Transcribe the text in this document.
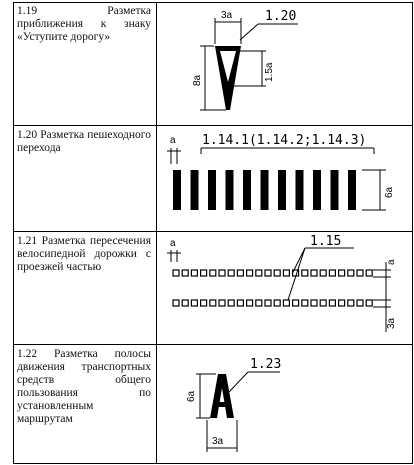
1.19 Разметка приближения к знаку «Уступите дорогу»
3a
8a	1.5a
1.20
1.20 Разметка пешеходного перехода
a 1.14.1(1.14.2;1.14.3)
6a
1.21 Разметка пересечения велосипедной дорожки с проезжей частью
a	1.15
a
3a
1.22 Разметка полосы движения транспортных средств общего пользования по установленным маршрутам
6a
3a
1.23
